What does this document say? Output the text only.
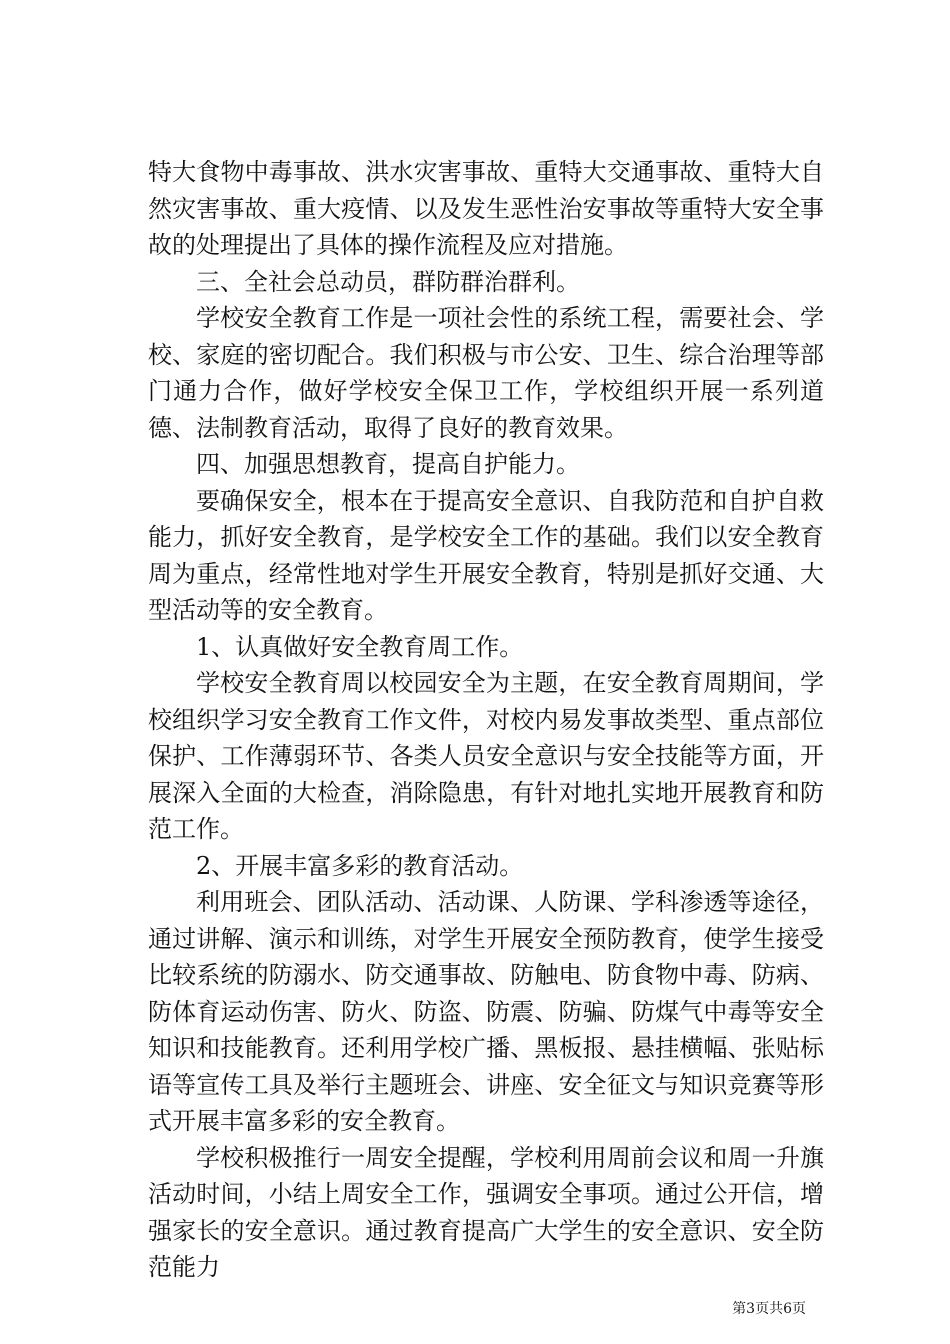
特大食物中毒事故、洪水灾害事故、重特大交通事故、重特大自然灾害事故、重大疫情、以及发生恶性治安事故等重特大安全事故的处理提出了具体的操作流程及应对措施。

三、全社会总动员，群防群治群利。

学校安全教育工作是一项社会性的系统工程，需要社会、学校、家庭的密切配合。我们积极与市公安、卫生、综合治理等部门通力合作，做好学校安全保卫工作，学校组织开展一系列道德、法制教育活动，取得了良好的教育效果。

四、加强思想教育，提高自护能力。

要确保安全，根本在于提高安全意识、自我防范和自护自救能力，抓好安全教育，是学校安全工作的基础。我们以安全教育周为重点，经常性地对学生开展安全教育，特别是抓好交通、大型活动等的安全教育。

1、认真做好安全教育周工作。

学校安全教育周以校园安全为主题，在安全教育周期间，学校组织学习安全教育工作文件，对校内易发事故类型、重点部位保护、工作薄弱环节、各类人员安全意识与安全技能等方面，开展深入全面的大检查，消除隐患，有针对地扎实地开展教育和防范工作。

2、开展丰富多彩的教育活动。

利用班会、团队活动、活动课、人防课、学科渗透等途径，通过讲解、演示和训练，对学生开展安全预防教育，使学生接受比较系统的防溺水、防交通事故、防触电、防食物中毒、防病、防体育运动伤害、防火、防盗、防震、防骗、防煤气中毒等安全知识和技能教育。还利用学校广播、黑板报、悬挂横幅、张贴标语等宣传工具及举行主题班会、讲座、安全征文与知识竞赛等形式开展丰富多彩的安全教育。

学校积极推行一周安全提醒，学校利用周前会议和周一升旗活动时间，小结上周安全工作，强调安全事项。通过公开信，增强家长的安全意识。通过教育提高广大学生的安全意识、安全防范能力

第3页共6页
